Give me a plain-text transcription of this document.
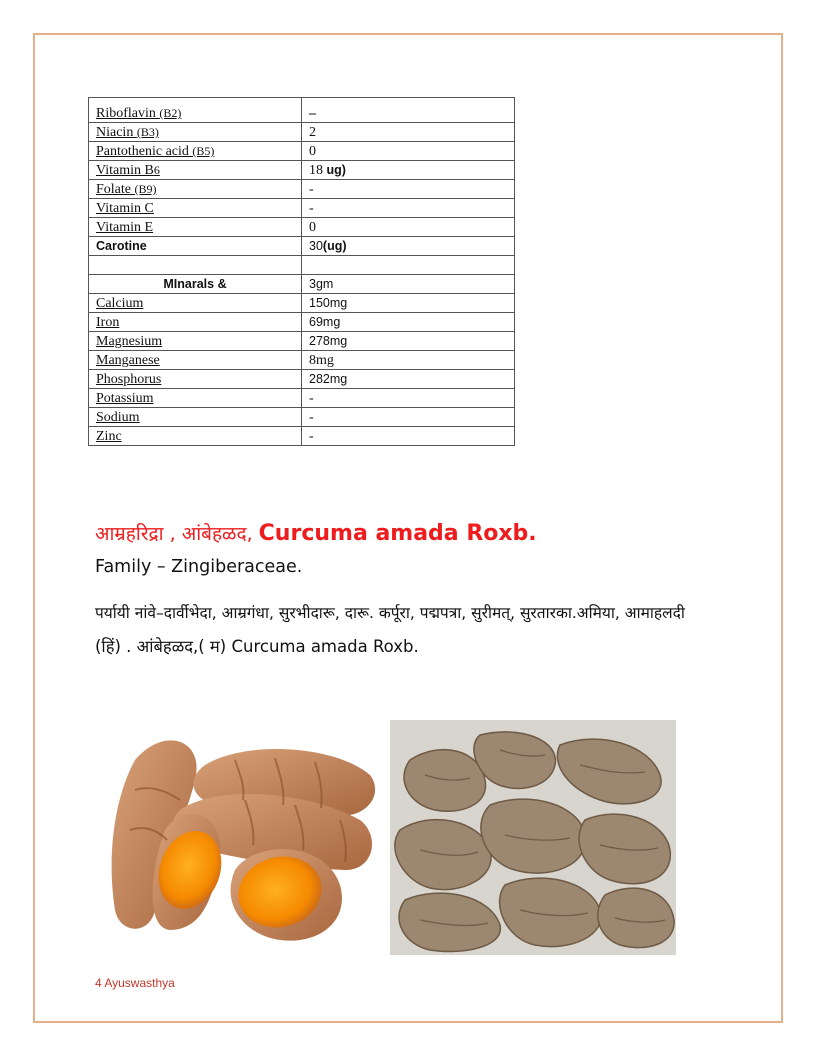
Riboflavin (B2)	–
Niacin (B3)	2
Pantothenic acid (B5)	0
Vitamin B6	18 ug)
Folate (B9)	-
Vitamin C	-
Vitamin E	0
Carotine	30(ug)

MInarals &	3gm
Calcium	150mg
Iron	69mg
Magnesium	278mg
Manganese	8mg
Phosphorus	282mg
Potassium	-
Sodium	-
Zinc	-
आम्रहरिद्रा , आंबेहळद, Curcuma amada Roxb.
Family – Zingiberaceae.
पर्यायी नांवे–दार्वीभेदा, आम्रगंधा, सुरभीदारू, दारू. कर्पूरा, पद्मपत्रा, सुरीमत्, सुरतारका.अमिया, आमाहलदी
(हिं) . आंबेहळद,( म) Curcuma amada Roxb.
4 Ayuswasthya
